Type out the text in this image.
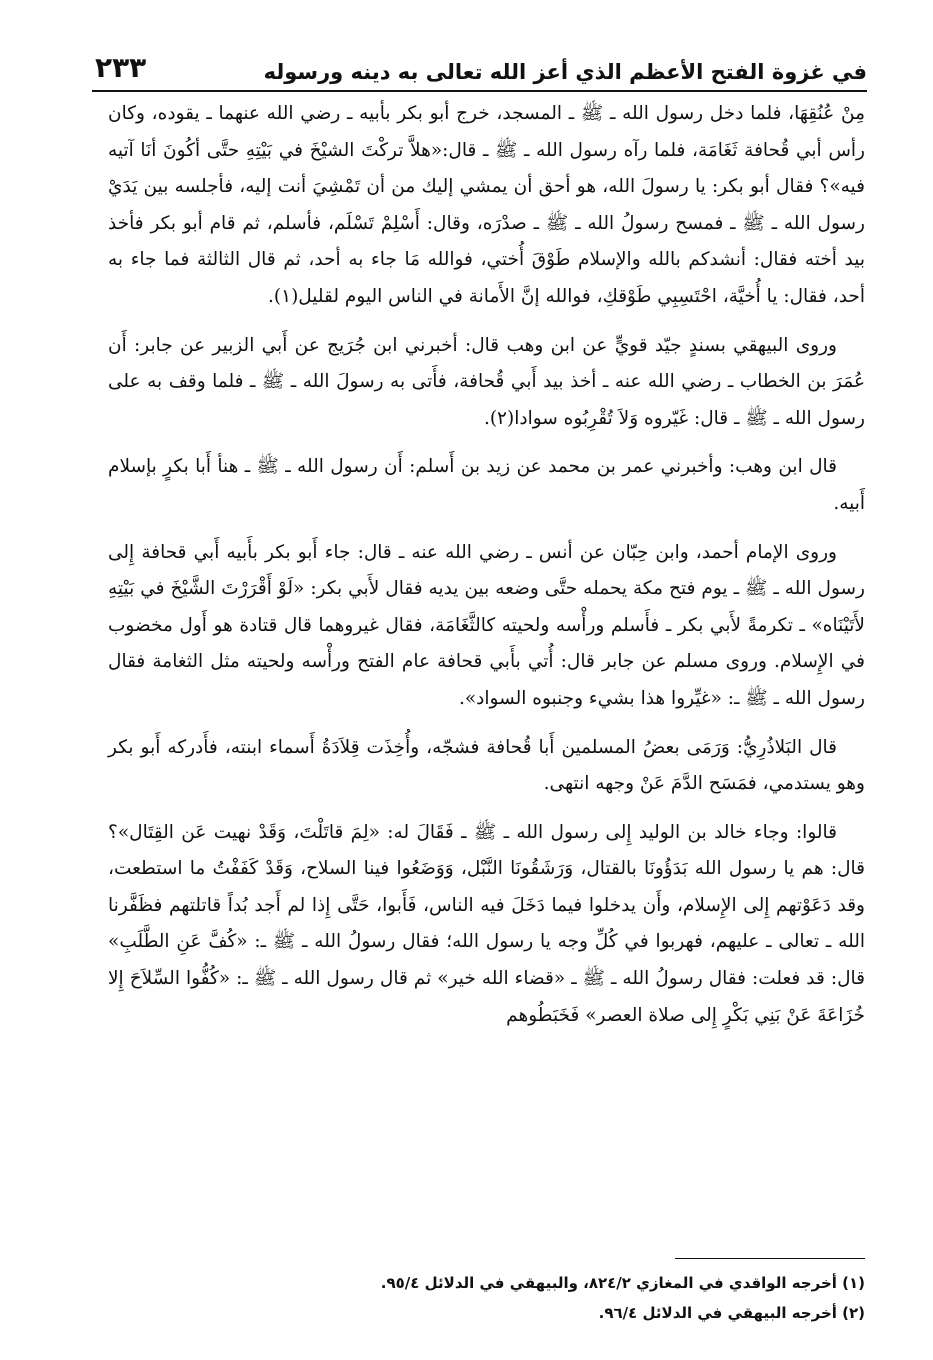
في غزوة الفتح الأعظم الذي أعز الله تعالى به دينه ورسوله
٢٣٣

مِنْ عُنُقِهَا، فلما دخل رسول الله ـ ﷺ ـ المسجد، خرج أبو بكر بأبيه ـ رضي الله عنهما ـ يقوده، وكان رأس أبي قُحافة ثَغَامَة، فلما رآه رسول الله ـ ﷺ ـ قال:«هلاَّ تركْتَ الشيْخَ في بَيْتِهِ حتَّى أكُونَ أنَا آتيه فيه»؟ فقال أبو بكر: يا رسولَ الله، هو أحق أن يمشي إليك من أن تَمْشِيَ أنت إليه، فأجلسه بين يَدَيْ رسول الله ـ ﷺ ـ فمسح رسولُ الله ـ ﷺ ـ صدْرَه، وقال: أَسْلِمْ تَسْلَم، فأسلم، ثم قام أبو بكر فأخذ بيد أخته فقال: أنشدكم بالله والإسلام طَوْقَ أُختي، فوالله مَا جاء به أحد، ثم قال الثالثة فما جاء به أحد، فقال: يا أُخيَّة، احْتَسِبِي طَوْقكِ، فوالله إنَّ الأَمانة في الناس اليوم لقليل(١).

وروى البيهقي بسندٍ جيّد قويٍّ عن ابن وهب قال: أخبرني ابن جُرَيج عن أَبي الزبير عن جابر: أَن عُمَرَ بن الخطاب ـ رضي الله عنه ـ أخذ بيد أَبي قُحافة، فأَتى به رسولَ الله ـ ﷺ ـ فلما وقف به على رسول الله ـ ﷺ ـ قال: غَيّروه وَلاَ تُقْرِبُوه سوادا(٢).

قال ابن وهب: وأخبرني عمر بن محمد عن زيد بن أَسلم: أَن رسول الله ـ ﷺ ـ هنأ أَبا بكرٍ بإسلام أَبيه.

وروى الإمام أحمد، وابن حِبّان عن أنس ـ رضي الله عنه ـ قال: جاء أَبو بكر بأَبيه أَبي قحافة إِلى رسول الله ـ ﷺ ـ يوم فتح مكة يحمله حتَّى وضعه بين يديه فقال لأَبي بكر: «لَوْ أَقْرَرْتَ الشَّيْخَ في بَيْتِهِ لأَتَيْنَاه» ـ تكرمةً لأَبي بكر ـ فأَسلم ورأْسه ولحيته كالثَّغَامَة، فقال غيروهما قال قتادة هو أَول مخضوب في الإِسلام. وروى مسلم عن جابر قال: أُتي بأَبي قحافة عام الفتح ورأْسه ولحيته مثل الثغامة فقال رسول الله ـ ﷺ ـ: «غيِّروا هذا بشيء وجنبوه السواد».

قال البَلاذُرِيُّ: وَرَمَى بعضُ المسلمين أَبا قُحافة فشجّه، وأُخِذَت قِلاَدَةُ أَسماء ابنته، فأَدركه أَبو بكر وهو يستدمي، فمَسَح الدَّمَ عَنْ وجهه انتهى.

قالوا: وجاء خالد بن الوليد إِلى رسول الله ـ ﷺ ـ فَقَالَ له: «لِمَ قاتَلْتَ، وَقَدْ نهيت عَن القِتَال»؟ قال: هم يا رسول الله بَدَؤُونَا بالقتال، وَرَشَقُونَا النَّبْل، وَوَضَعُوا فينا السلاح، وَقَدْ كَفَفْتُ ما استطعت، وقد دَعَوْتهم إِلى الإِسلام، وأَن يدخلوا فيما دَخَلَ فيه الناس، فَأَبوا، حَتَّى إِذا لم أَجد بُداً قاتلتهم فظَفَّرنا الله ـ تعالى ـ عليهم، فهربوا في كُلِّ وجه يا رسول الله؛ فقال رسولُ الله ـ ﷺ ـ: «كُفَّ عَنِ الطَّلَبِ» قال: قد فعلت: فقال رسولُ الله ـ ﷺ ـ «قضاء الله خير» ثم قال رسول الله ـ ﷺ ـ: «كُفُّوا السِّلاَحَ إِلا خُزَاعَةَ عَنْ بَنِي بَكْرٍ إِلى صلاة العصر» فَخَبَطُوهم

(١) أخرجه الواقدي في المغازي ٨٢٤/٢، والبيهقي في الدلائل ٩٥/٤.
(٢) أخرجه البيهقي في الدلائل ٩٦/٤.
